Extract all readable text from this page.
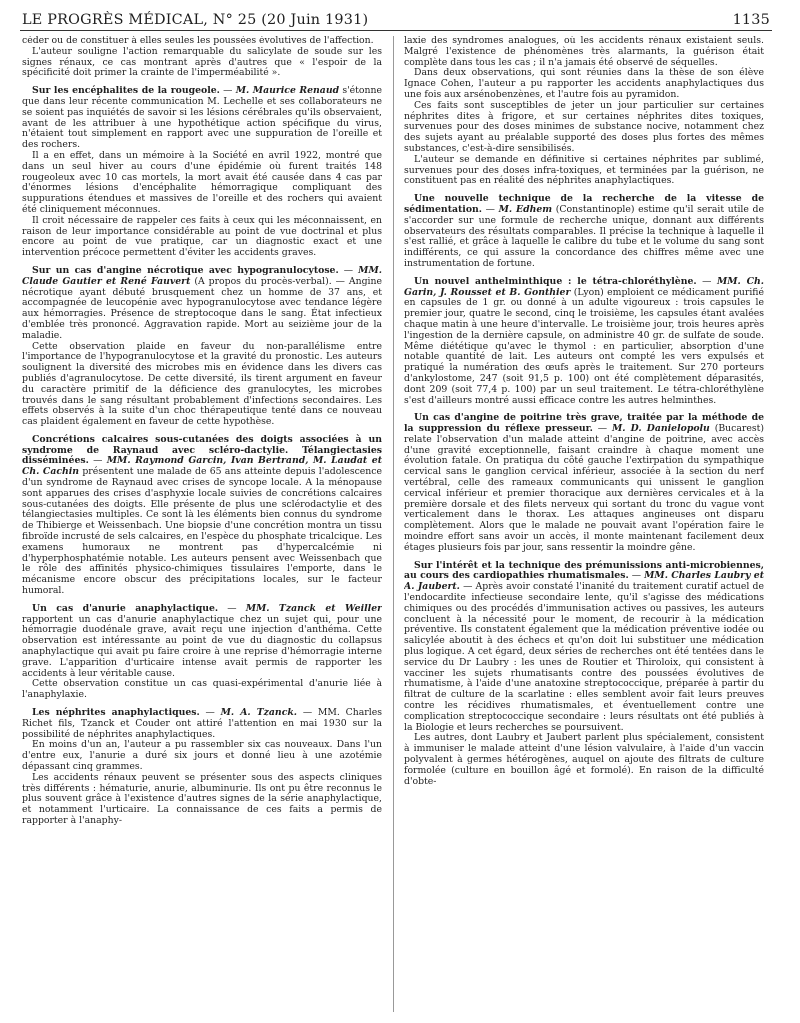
LE PROGRÈS MÉDICAL, N° 25 (20 Juin 1931)	1135

céder ou de constituer à elles seules les poussées évolutives de l'affection.

L'auteur souligne l'action remarquable du salicylate de soude sur les signes rénaux, ce cas montrant après d'autres que « l'espoir de la spécificité doit primer la crainte de l'imperméabilité ».

Sur les encéphalites de la rougeole. — M. Maurice Renaud s'étonne que dans leur récente communication M. Lechelle et ses collaborateurs ne se soient pas inquiétés de savoir si les lésions cérébrales qu'ils observaient, avant de les attribuer à une hypothétique action spécifique du virus, n'étaient tout simplement en rapport avec une suppuration de l'oreille et des rochers.

Il a en effet, dans un mémoire à la Société en avril 1922, montré que dans un seul hiver au cours d'une épidémie où furent traités 148 rougeoleux avec 10 cas mortels, la mort avait été causée dans 4 cas par d'énormes lésions d'encéphalite hémorragique compliquant des suppurations étendues et massives de l'oreille et des rochers qui avaient été cliniquement méconnues.

Il croit nécessaire de rappeler ces faits à ceux qui les méconnaissent, en raison de leur importance considérable au point de vue doctrinal et plus encore au point de vue pratique, car un diagnostic exact et une intervention précoce permettent d'éviter les accidents graves.

Sur un cas d'angine nécrotique avec hypogranulocytose. — MM. Claude Gautier et René Fauvert (A propos du procès-verbal). — Angine nécrotique ayant débuté brusquement chez un homme de 37 ans, et accompagnée de leucopénie avec hypogranulocytose avec tendance légère aux hémorragies. Présence de streptocoque dans le sang. État infectieux d'emblée très prononcé. Aggravation rapide. Mort au seizième jour de la maladie.

Cette observation plaide en faveur du non-parallélisme entre l'importance de l'hypogranulocytose et la gravité du pronostic. Les auteurs soulignent la diversité des microbes mis en évidence dans les divers cas publiés d'agranulocytose. De cette diversité, ils tirent argument en faveur du caractère primitif de la déficience des granulocytes, les microbes trouvés dans le sang résultant probablement d'infections secondaires. Les effets observés à la suite d'un choc thérapeutique tenté dans ce nouveau cas plaident également en faveur de cette hypothèse.

Concrétions calcaires sous-cutanées des doigts associées à un syndrome de Raynaud avec scléro-dactylie. Télangiectasies disséminées. — MM. Raymond Garcin, Ivan Bertrand, M. Laudat et Ch. Cachin présentent une malade de 65 ans atteinte depuis l'adolescence d'un syndrome de Raynaud avec crises de syncope locale. A la ménopause sont apparues des crises d'asphyxie locale suivies de concrétions calcaires sous-cutanées des doigts. Elle présente de plus une sclérodactylie et des télangiectasies multiples. Ce sont là les éléments bien connus du syndrome de Thibierge et Weissenbach. Une biopsie d'une concrétion montra un tissu fibroïde incrusté de sels calcaires, en l'espèce du phosphate tricalcique. Les examens humoraux ne montrent pas d'hypercalcémie ni d'hyperphosphatémie notable. Les auteurs pensent avec Weissenbach que le rôle des affinités physico-chimiques tissulaires l'emporte, dans le mécanisme encore obscur des précipitations locales, sur le facteur humoral.

Un cas d'anurie anaphylactique. — MM. Tzanck et Weiller rapportent un cas d'anurie anaphylactique chez un sujet qui, pour une hémorragie duodénale grave, avait reçu une injection d'anthéma. Cette observation est intéressante au point de vue du diagnostic du collapsus anaphylactique qui avait pu faire croire à une reprise d'hémorragie interne grave. L'apparition d'urticaire intense avait permis de rapporter les accidents à leur véritable cause.

Cette observation constitue un cas quasi-expérimental d'anurie liée à l'anaphylaxie.

Les néphrites anaphylactiques. — M. A. Tzanck. — MM. Charles Richet fils, Tzanck et Couder ont attiré l'attention en mai 1930 sur la possibilité de néphrites anaphylactiques.

En moins d'un an, l'auteur a pu rassembler six cas nouveaux. Dans l'un d'entre eux, l'anurie a duré six jours et donné lieu à une azotémie dépassant cinq grammes.

Les accidents rénaux peuvent se présenter sous des aspects cliniques très différents : hématurie, anurie, albuminurie. Ils ont pu être reconnus le plus souvent grâce à l'existence d'autres signes de la série anaphylactique, et notamment l'urticaire. La connaissance de ces faits a permis de rapporter à l'anaphy-

laxie des syndromes analogues, où les accidents rénaux existaient seuls. Malgré l'existence de phénomènes très alarmants, la guérison était complète dans tous les cas ; il n'a jamais été observé de séquelles.

Dans deux observations, qui sont réunies dans la thèse de son élève Ignace Cohen, l'auteur a pu rapporter les accidents anaphylactiques dus une fois aux arsénobenzènes, et l'autre fois au pyramidon.

Ces faits sont susceptibles de jeter un jour particulier sur certaines néphrites dites à frigore, et sur certaines néphrites dites toxiques, survenues pour des doses minimes de substance nocive, notamment chez des sujets ayant au préalable supporté des doses plus fortes des mêmes substances, c'est-à-dire sensibilisés.

L'auteur se demande en définitive si certaines néphrites par sublimé, survenues pour des doses infra-toxiques, et terminées par la guérison, ne constituent pas en réalité des néphrites anaphylactiques.

Une nouvelle technique de la recherche de la vitesse de sédimentation. — M. Edhem (Constantinople) estime qu'il serait utile de s'accorder sur une formule de recherche unique, donnant aux différents observateurs des résultats comparables. Il précise la technique à laquelle il s'est rallié, et grâce à laquelle le calibre du tube et le volume du sang sont indifférents, ce qui assure la concordance des chiffres même avec une instrumentation de fortune.

Un nouvel anthelminthique : le tétra-chloréthylène. — MM. Ch. Garin, J. Rousset et B. Gonthier (Lyon) emploient ce médicament purifié en capsules de 1 gr. ou donné à un adulte vigoureux : trois capsules le premier jour, quatre le second, cinq le troisième, les capsules étant avalées chaque matin à une heure d'intervalle. Le troisième jour, trois heures après l'ingestion de la dernière capsule, on administre 40 gr. de sulfate de soude. Même diététique qu'avec le thymol : en particulier, absorption d'une notable quantité de lait. Les auteurs ont compté les vers expulsés et pratiqué la numération des œufs après le traitement. Sur 270 porteurs d'ankylostome, 247 (soit 91,5 p. 100) ont été complètement déparasités, dont 209 (soit 77,4 p. 100) par un seul traitement. Le tétra-chloréthylène s'est d'ailleurs montré aussi efficace contre les autres helminthes.

Un cas d'angine de poitrine très grave, traitée par la méthode de la suppression du réflexe presseur. — M. D. Danielopolu (Bucarest) relate l'observation d'un malade atteint d'angine de poitrine, avec accès d'une gravité exceptionnelle, faisant craindre à chaque moment une évolution fatale. On pratiqua du côté gauche l'extirpation du sympathique cervical sans le ganglion cervical inférieur, associée à la section du nerf vertébral, celle des rameaux communicants qui unissent le ganglion cervical inférieur et premier thoracique aux dernières cervicales et à la première dorsale et des filets nerveux qui sortant du tronc du vague vont verticalement dans le thorax. Les attaques angineuses ont disparu complètement. Alors que le malade ne pouvait avant l'opération faire le moindre effort sans avoir un accès, il monte maintenant facilement deux étages plusieurs fois par jour, sans ressentir la moindre gêne.

Sur l'intérêt et la technique des prémunissions anti-microbiennes, au cours des cardiopathies rhumatismales. — MM. Charles Laubry et A. Jaubert. — Après avoir constaté l'inanité du traitement curatif actuel de l'endocardite infectieuse secondaire lente, qu'il s'agisse des médications chimiques ou des procédés d'immunisation actives ou passives, les auteurs concluent à la nécessité pour le moment, de recourir à la médication préventive. Ils constatent également que la médication préventive iodée ou salicylée aboutit à des échecs et qu'on doit lui substituer une médication plus logique. A cet égard, deux séries de recherches ont été tentées dans le service du Dr Laubry : les unes de Routier et Thiroloix, qui consistent à vacciner les sujets rhumatisants contre des poussées évolutives de rhumatisme, à l'aide d'une anatoxine streptococcique, préparée à partir du filtrat de culture de la scarlatine : elles semblent avoir fait leurs preuves contre les récidives rhumatismales, et éventuellement contre une complication streptococcique secondaire : leurs résultats ont été publiés à la Biologie et leurs recherches se poursuivent.

Les autres, dont Laubry et Jaubert parlent plus spécialement, consistent à immuniser le malade atteint d'une lésion valvulaire, à l'aide d'un vaccin polyvalent à germes hétérogènes, auquel on ajoute des filtrats de culture formolée (culture en bouillon âgé et formolé). En raison de la difficulté d'obte-
